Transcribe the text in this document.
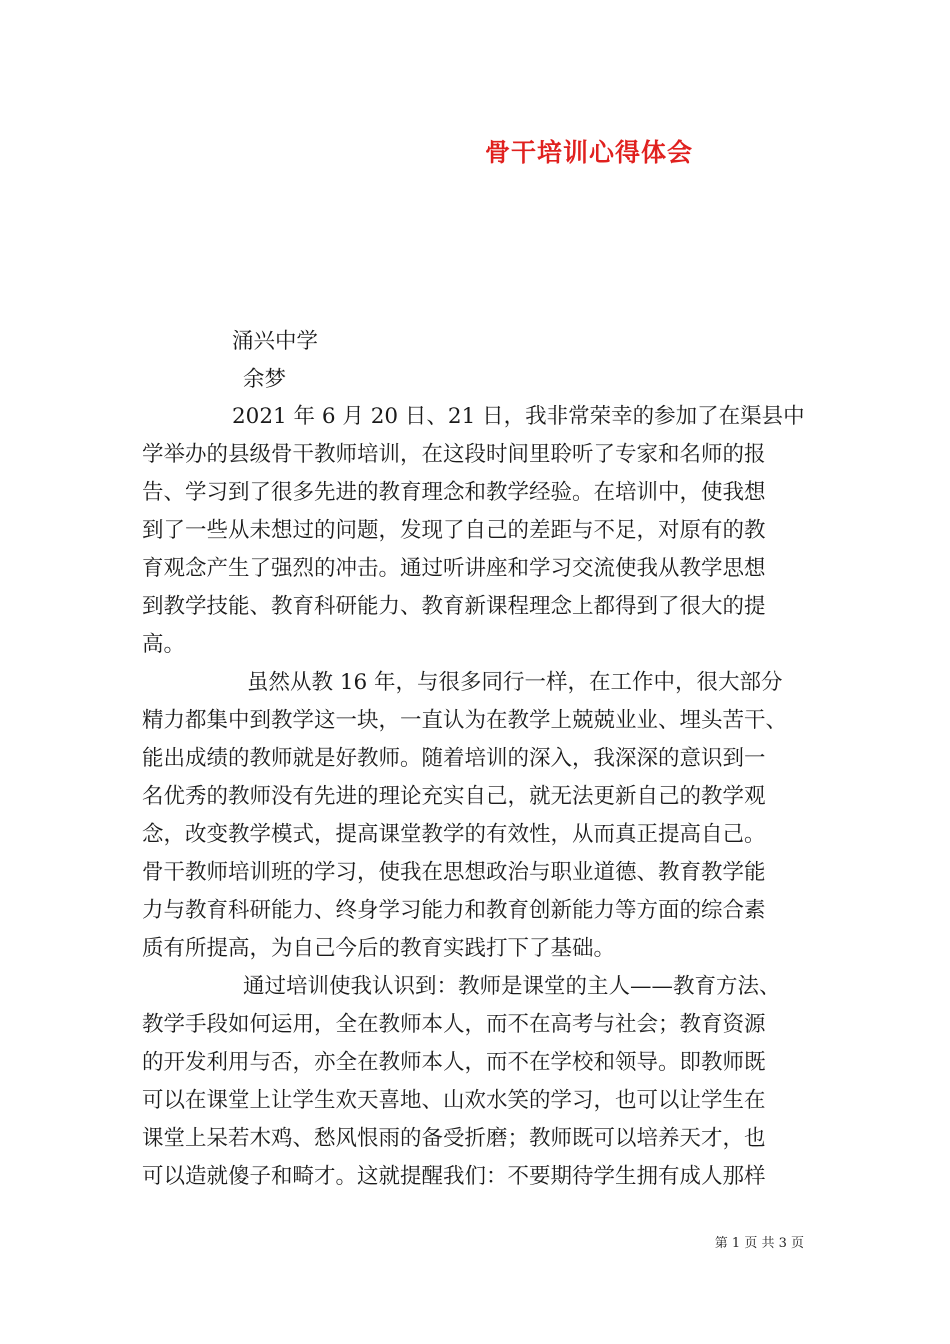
骨干培训心得体会
涌兴中学
余梦
2021 年 6 月 20 日、21 日，我非常荣幸的参加了在渠县中
学举办的县级骨干教师培训，在这段时间里聆听了专家和名师的报
告、学习到了很多先进的教育理念和教学经验。在培训中，使我想
到了一些从未想过的问题，发现了自己的差距与不足，对原有的教
育观念产生了强烈的冲击。通过听讲座和学习交流使我从教学思想
到教学技能、教育科研能力、教育新课程理念上都得到了很大的提
高。
虽然从教 16 年，与很多同行一样，在工作中，很大部分
精力都集中到教学这一块，一直认为在教学上兢兢业业、埋头苦干、
能出成绩的教师就是好教师。随着培训的深入，我深深的意识到一
名优秀的教师没有先进的理论充实自己，就无法更新自己的教学观
念，改变教学模式，提高课堂教学的有效性，从而真正提高自己。
骨干教师培训班的学习，使我在思想政治与职业道德、教育教学能
力与教育科研能力、终身学习能力和教育创新能力等方面的综合素
质有所提高，为自己今后的教育实践打下了基础。
通过培训使我认识到：教师是课堂的主人——教育方法、
教学手段如何运用，全在教师本人，而不在高考与社会；教育资源
的开发利用与否，亦全在教师本人，而不在学校和领导。即教师既
可以在课堂上让学生欢天喜地、山欢水笑的学习，也可以让学生在
课堂上呆若木鸡、愁风恨雨的备受折磨；教师既可以培养天才，也
可以造就傻子和畸才。这就提醒我们：不要期待学生拥有成人那样
第 1 页 共 3 页
